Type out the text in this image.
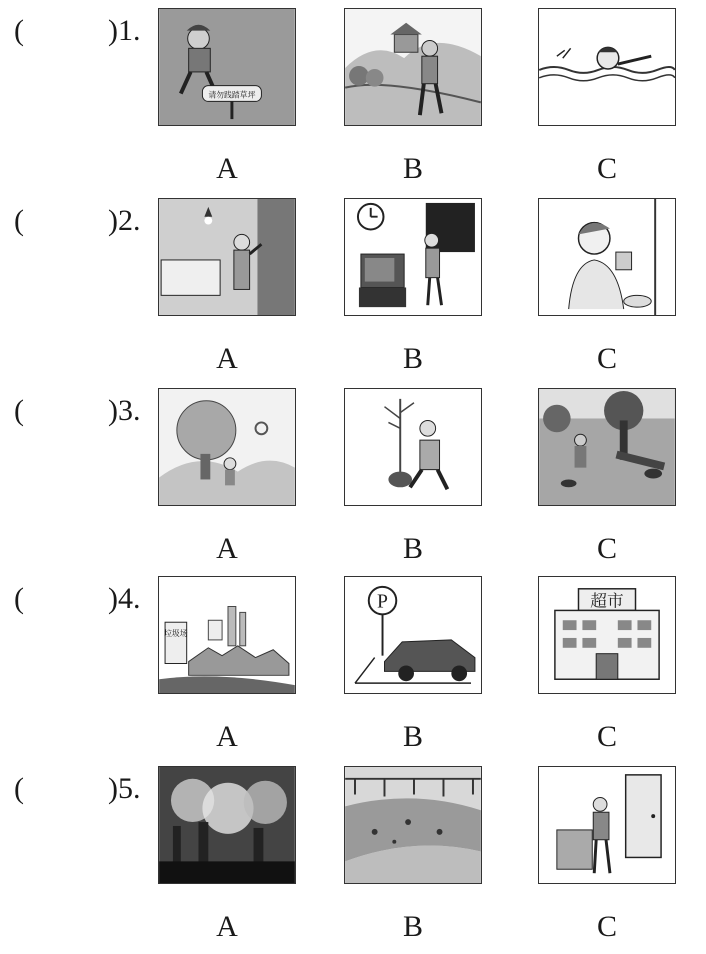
(	)1.
请勿践踏草坪
A	B	C
(	)2.
A	B	C
(	)3.
A	B	C
(	)4.
垃圾场
P	超市
A	B	C
(	)5.
A	B	C
